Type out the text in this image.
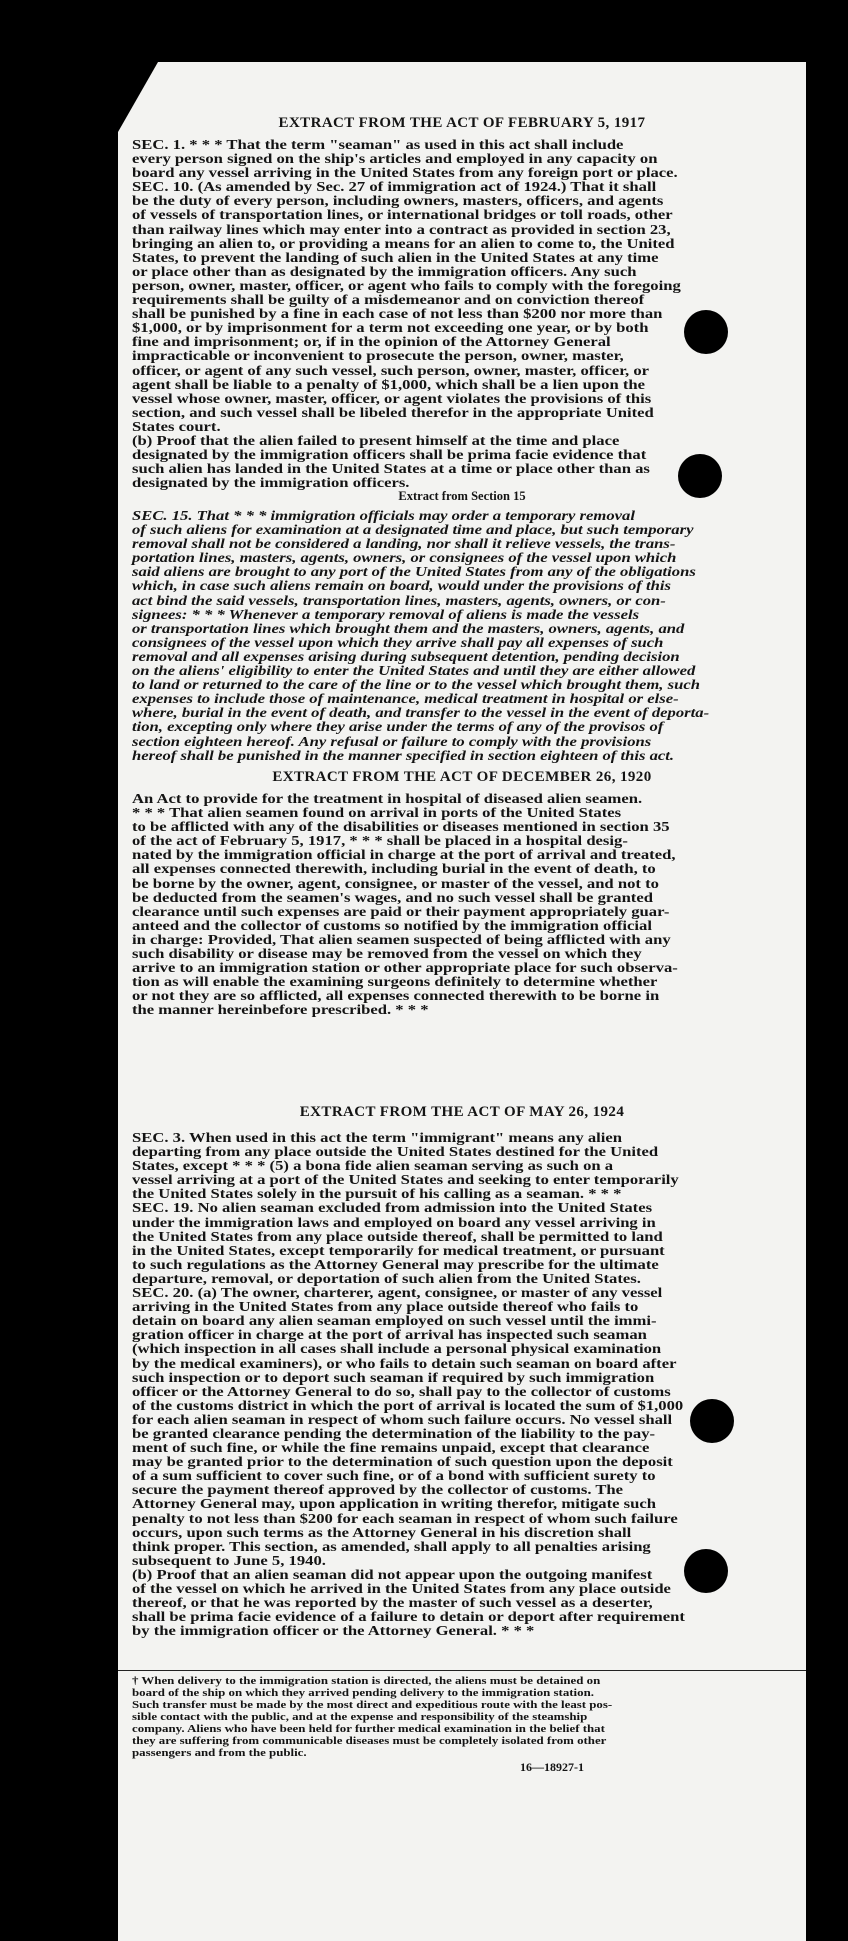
EXTRACT FROM THE ACT OF FEBRUARY 5, 1917
SEC. 1. * * * That the term "seaman" as used in this act shall include
every person signed on the ship's articles and employed in any capacity on
board any vessel arriving in the United States from any foreign port or place.
SEC. 10. (As amended by Sec. 27 of immigration act of 1924.) That it shall
be the duty of every person, including owners, masters, officers, and agents
of vessels of transportation lines, or international bridges or toll roads, other
than railway lines which may enter into a contract as provided in section 23,
bringing an alien to, or providing a means for an alien to come to, the United
States, to prevent the landing of such alien in the United States at any time
or place other than as designated by the immigration officers. Any such
person, owner, master, officer, or agent who fails to comply with the foregoing
requirements shall be guilty of a misdemeanor and on conviction thereof
shall be punished by a fine in each case of not less than $200 nor more than
$1,000, or by imprisonment for a term not exceeding one year, or by both
fine and imprisonment; or, if in the opinion of the Attorney General
impracticable or inconvenient to prosecute the person, owner, master,
officer, or agent of any such vessel, such person, owner, master, officer, or
agent shall be liable to a penalty of $1,000, which shall be a lien upon the
vessel whose owner, master, officer, or agent violates the provisions of this
section, and such vessel shall be libeled therefor in the appropriate United
States court.
(b) Proof that the alien failed to present himself at the time and place
designated by the immigration officers shall be prima facie evidence that
such alien has landed in the United States at a time or place other than as
designated by the immigration officers.
Extract from Section 15
SEC. 15. That * * * immigration officials may order a temporary removal
of such aliens for examination at a designated time and place, but such temporary
removal shall not be considered a landing, nor shall it relieve vessels, the trans-
portation lines, masters, agents, owners, or consignees of the vessel upon which
said aliens are brought to any port of the United States from any of the obligations
which, in case such aliens remain on board, would under the provisions of this
act bind the said vessels, transportation lines, masters, agents, owners, or con-
signees: * * * Whenever a temporary removal of aliens is made the vessels
or transportation lines which brought them and the masters, owners, agents, and
consignees of the vessel upon which they arrive shall pay all expenses of such
removal and all expenses arising during subsequent detention, pending decision
on the aliens' eligibility to enter the United States and until they are either allowed
to land or returned to the care of the line or to the vessel which brought them, such
expenses to include those of maintenance, medical treatment in hospital or else-
where, burial in the event of death, and transfer to the vessel in the event of deporta-
tion, excepting only where they arise under the terms of any of the provisos of
section eighteen hereof. Any refusal or failure to comply with the provisions
hereof shall be punished in the manner specified in section eighteen of this act.
EXTRACT FROM THE ACT OF DECEMBER 26, 1920
An Act to provide for the treatment in hospital of diseased alien seamen.
* * * That alien seamen found on arrival in ports of the United States
to be afflicted with any of the disabilities or diseases mentioned in section 35
of the act of February 5, 1917, * * * shall be placed in a hospital desig-
nated by the immigration official in charge at the port of arrival and treated,
all expenses connected therewith, including burial in the event of death, to
be borne by the owner, agent, consignee, or master of the vessel, and not to
be deducted from the seamen's wages, and no such vessel shall be granted
clearance until such expenses are paid or their payment appropriately guar-
anteed and the collector of customs so notified by the immigration official
in charge: Provided, That alien seamen suspected of being afflicted with any
such disability or disease may be removed from the vessel on which they
arrive to an immigration station or other appropriate place for such observa-
tion as will enable the examining surgeons definitely to determine whether
or not they are so afflicted, all expenses connected therewith to be borne in
the manner hereinbefore prescribed. * * *
EXTRACT FROM THE ACT OF MAY 26, 1924
SEC. 3. When used in this act the term "immigrant" means any alien
departing from any place outside the United States destined for the United
States, except * * * (5) a bona fide alien seaman serving as such on a
vessel arriving at a port of the United States and seeking to enter temporarily
the United States solely in the pursuit of his calling as a seaman. * * *
SEC. 19. No alien seaman excluded from admission into the United States
under the immigration laws and employed on board any vessel arriving in
the United States from any place outside thereof, shall be permitted to land
in the United States, except temporarily for medical treatment, or pursuant
to such regulations as the Attorney General may prescribe for the ultimate
departure, removal, or deportation of such alien from the United States.
SEC. 20. (a) The owner, charterer, agent, consignee, or master of any vessel
arriving in the United States from any place outside thereof who fails to
detain on board any alien seaman employed on such vessel until the immi-
gration officer in charge at the port of arrival has inspected such seaman
(which inspection in all cases shall include a personal physical examination
by the medical examiners), or who fails to detain such seaman on board after
such inspection or to deport such seaman if required by such immigration
officer or the Attorney General to do so, shall pay to the collector of customs
of the customs district in which the port of arrival is located the sum of $1,000
for each alien seaman in respect of whom such failure occurs. No vessel shall
be granted clearance pending the determination of the liability to the pay-
ment of such fine, or while the fine remains unpaid, except that clearance
may be granted prior to the determination of such question upon the deposit
of a sum sufficient to cover such fine, or of a bond with sufficient surety to
secure the payment thereof approved by the collector of customs. The
Attorney General may, upon application in writing therefor, mitigate such
penalty to not less than $200 for each seaman in respect of whom such failure
occurs, upon such terms as the Attorney General in his discretion shall
think proper. This section, as amended, shall apply to all penalties arising
subsequent to June 5, 1940.
(b) Proof that an alien seaman did not appear upon the outgoing manifest
of the vessel on which he arrived in the United States from any place outside
thereof, or that he was reported by the master of such vessel as a deserter,
shall be prima facie evidence of a failure to detain or deport after requirement
by the immigration officer or the Attorney General. * * *
† When delivery to the immigration station is directed, the aliens must be detained on
board of the ship on which they arrived pending delivery to the immigration station.
Such transfer must be made by the most direct and expeditious route with the least pos-
sible contact with the public, and at the expense and responsibility of the steamship
company. Aliens who have been held for further medical examination in the belief that
they are suffering from communicable diseases must be completely isolated from other
passengers and from the public.
16—18927-1
